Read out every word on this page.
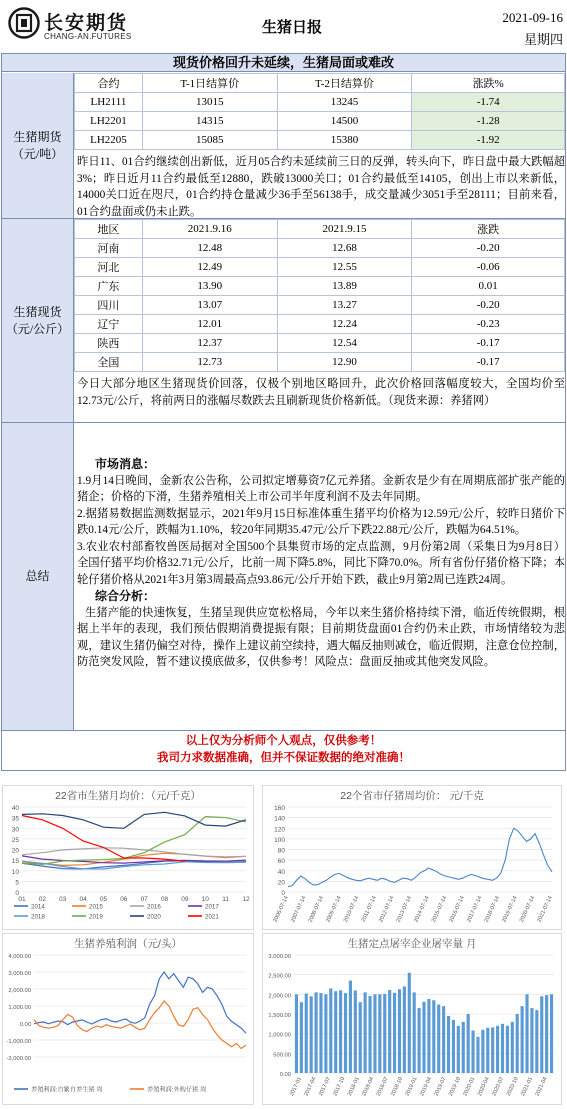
长安期货
CHANG-AN.FUTURES
生猪日报
2021-09-16
星期四
现货价格回升未延续，生猪局面或难改
生猪期货
（元/吨）
合约	T-1日结算价	T-2日结算价	涨跌%
LH2111	13015	13245	-1.74
LH2201	14315	14500	-1.28
LH2205	15085	15380	-1.92
昨日11、01合约继续创出新低，近月05合约未延续前三日的反弹，转头向下，昨日盘中最大跌幅超3%；昨日近月11合约最低至12880，跌破13000关口；01合约最低至14105，创出上市以来新低，14000关口近在咫尺，01合约持仓量减少36手至56138手，成交量减少3051手至28111；目前来看，01合约盘面或仍未止跌。
生猪现货
（元/公斤）
地区	2021.9.16	2021.9.15	涨跌
河南	12.48	12.68	-0.20
河北	12.49	12.55	-0.06
广东	13.90	13.89	0.01
四川	13.07	13.27	-0.20
辽宁	12.01	12.24	-0.23
陕西	12.37	12.54	-0.17
全国	12.73	12.90	-0.17
今日大部分地区生猪现货价回落，仅极个别地区略回升，此次价格回落幅度较大，全国均价至12.73元/公斤，将前两日的涨幅尽数跌去且刷新现货价格新低。（现货来源：养猪网）
总结

市场消息：

1.9月14日晚间，金新农公告称，公司拟定增募资7亿元养猪。金新农是少有在周期底部扩张产能的猪企；价格的下滑，生猪养殖相关上市公司半年度利润不及去年同期。

2.据猪易数据监测数据显示，2021年9月15日标准体重生猪平均价格为12.59元/公斤，较昨日猪价下跌0.14元/公斤，跌幅为1.10%，较20年同期35.47元/公斤下跌22.88元/公斤，跌幅为64.51%。

3.农业农村部畜牧兽医局据对全国500个县集贸市场的定点监测，9月份第2周（采集日为9月8日）全国仔猪平均价格32.71元/公斤，比前一周下降5.8%，同比下降70.0%。所有省份仔猪价格下降；本轮仔猪价格从2021年3月第3周最高点93.86元/公斤开始下跌，截止9月第2周已连跌24周。

综合分析：

生猪产能的快速恢复，生猪呈现供应宽松格局，今年以来生猪价格持续下滑，临近传统假期，根据上半年的表现，我们预估假期消费提振有限；目前期货盘面01合约仍未止跌，市场情绪较为悲观，建议生猪仍偏空对待，操作上建议前空续持，遇大幅反抽则减仓，临近假期，注意仓位控制，防范突发风险，暂不建议摸底做多，仅供参考！风险点：盘面反抽或其他突发风险。

以上仅为分析师个人观点，仅供参考！
我司力求数据准确，但并不保证数据的绝对准确！
22省市生猪月均价：（元/千克）
0
5
10
15
20
25
30
35
40
01 02 03 04 05 06 07 08 09 10 11 12
2014	2015	2016	2017
2018	2019	2020	2021
22个省市仔猪周均价： 元/千克
0
20
40
60
80
100
120
140
160
2006-07-14 2007-07-14 2008-07-14 2009-07-14 2010-07-14 2011-07-14 2012-07-14 2013-07-14 2014-07-14 2015-07-14 2016-07-14 2017-07-14 2018-07-14 2019-07-14 2020-07-14 2021-07-14
生猪养殖利润（元/头）
-2,000.00
-1,000.00
0.00
1,000.00
2,000.00
3,000.00
4,000.00
养殖利润:自繁自养生猪 周	养殖利润:外购仔猪 周
生猪定点屠宰企业屠宰量 月
0.00
500.00
1,000.00
1,500.00
2,000.00
2,500.00
3,000.00
2017-01 2017-04 2017-07 2017-10 2018-01 2018-04 2018-07 2018-10 2019-01 2019-04 2019-07 2019-10 2020-01 2020-04 2020-07 2020-10 2021-01 2021-04
